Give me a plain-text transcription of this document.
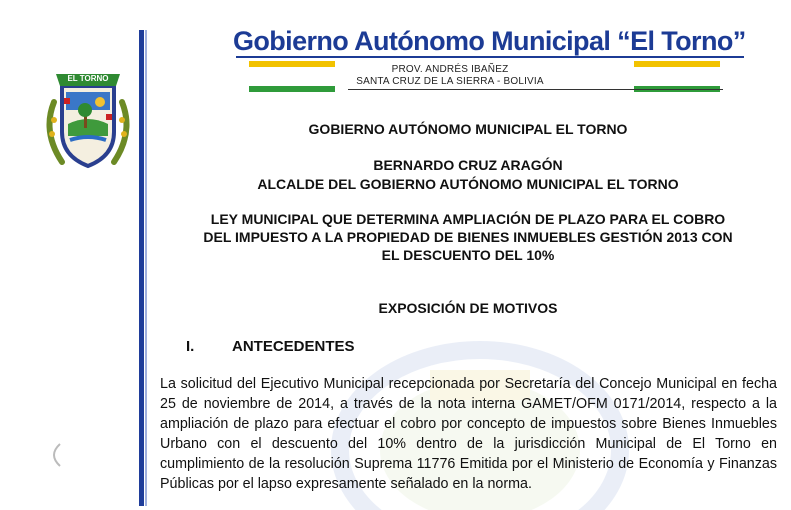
EL TORNO
Gobierno Autónomo Municipal “El Torno”
PROV. ANDRÉS IBAÑEZ
SANTA CRUZ DE LA SIERRA - BOLIVIA
GOBIERNO AUTÓNOMO MUNICIPAL EL TORNO
BERNARDO CRUZ ARAGÓN
ALCALDE DEL GOBIERNO AUTÓNOMO MUNICIPAL EL TORNO
LEY MUNICIPAL QUE DETERMINA AMPLIACIÓN DE PLAZO PARA EL COBRO
DEL IMPUESTO A LA PROPIEDAD DE BIENES INMUEBLES GESTIÓN 2013 CON
EL DESCUENTO DEL 10%
EXPOSICIÓN DE MOTIVOS
I.	ANTECEDENTES

La solicitud del Ejecutivo Municipal recepcionada por Secretaría del Concejo Municipal en fecha 25 de noviembre de 2014, a través de la nota interna GAMET/OFM 0171/2014, respecto a la ampliación de plazo para efectuar el cobro por concepto de impuestos sobre Bienes Inmuebles Urbano con el descuento del 10% dentro de la jurisdicción Municipal de El Torno en cumplimiento de la resolución Suprema 11776 Emitida por el Ministerio de Economía y Finanzas Públicas por el lapso expresamente señalado en la norma.
